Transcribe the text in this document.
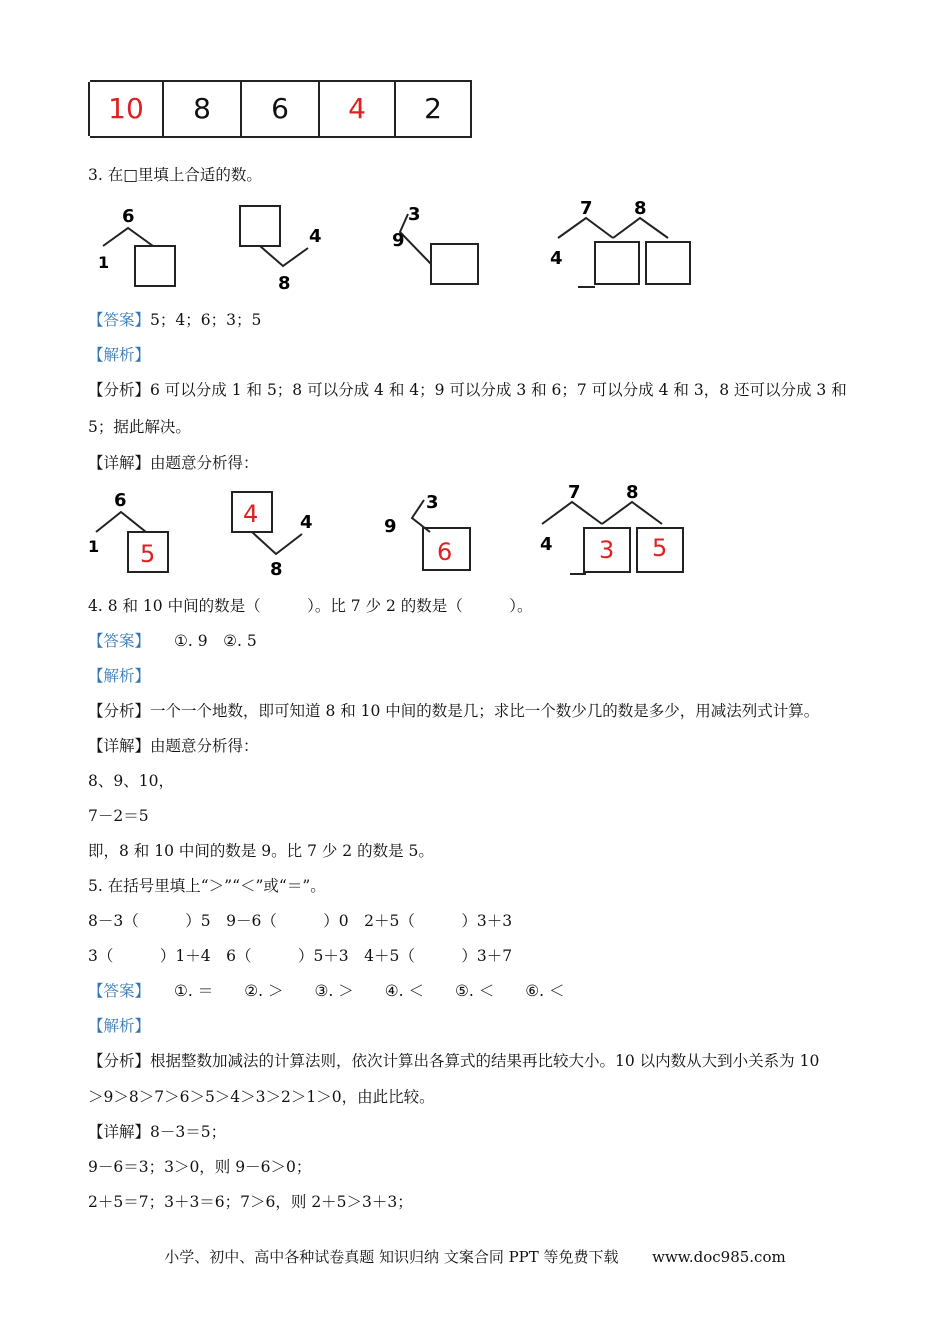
10	8	6	4	2
3. 在□里填上合适的数。
6
1
4
8
9
3	7 8
4
【答案】5；4；6；3；5
【解析】
【分析】6 可以分成 1 和 5；8 可以分成 4 和 4；9 可以分成 3 和 6；7 可以分成 4 和 3，8 还可以分成 3 和
5；据此解决。
【详解】由题意分析得：
6
1 5
4 4
8
9
3
6
7	8
4 3 5
4. 8 和 10 中间的数是（　　　）。比 7 少 2 的数是（　　　）。
【答案】 ①. 9　②. 5
【解析】
【分析】一个一个地数，即可知道 8 和 10 中间的数是几；求比一个数少几的数是多少，用减法列式计算。
【详解】由题意分析得：
8、9、10，
7－2＝5
即，8 和 10 中间的数是 9。比 7 少 2 的数是 5。
5. 在括号里填上“＞”“＜”或“＝”。
8－3（　　　）5　9－6（　　　）0　2＋5（　　　）3＋3
3（　　　）1＋4　6（　　　）5＋3　4＋5（　　　）3＋7
【答案】 ①. ＝　　②. ＞　　③. ＞　　④. ＜　　⑤. ＜　　⑥. ＜
【解析】
【分析】根据整数加减法的计算法则，依次计算出各算式的结果再比较大小。10 以内数从大到小关系为 10
＞9＞8＞7＞6＞5＞4＞3＞2＞1＞0，由此比较。
【详解】8－3＝5；
9－6＝3；3＞0，则 9－6＞0；
2＋5＝7；3＋3＝6；7＞6，则 2＋5＞3＋3；
小学、初中、高中各种试卷真题 知识归纳 文案合同 PPT 等免费下载 www.doc985.com
